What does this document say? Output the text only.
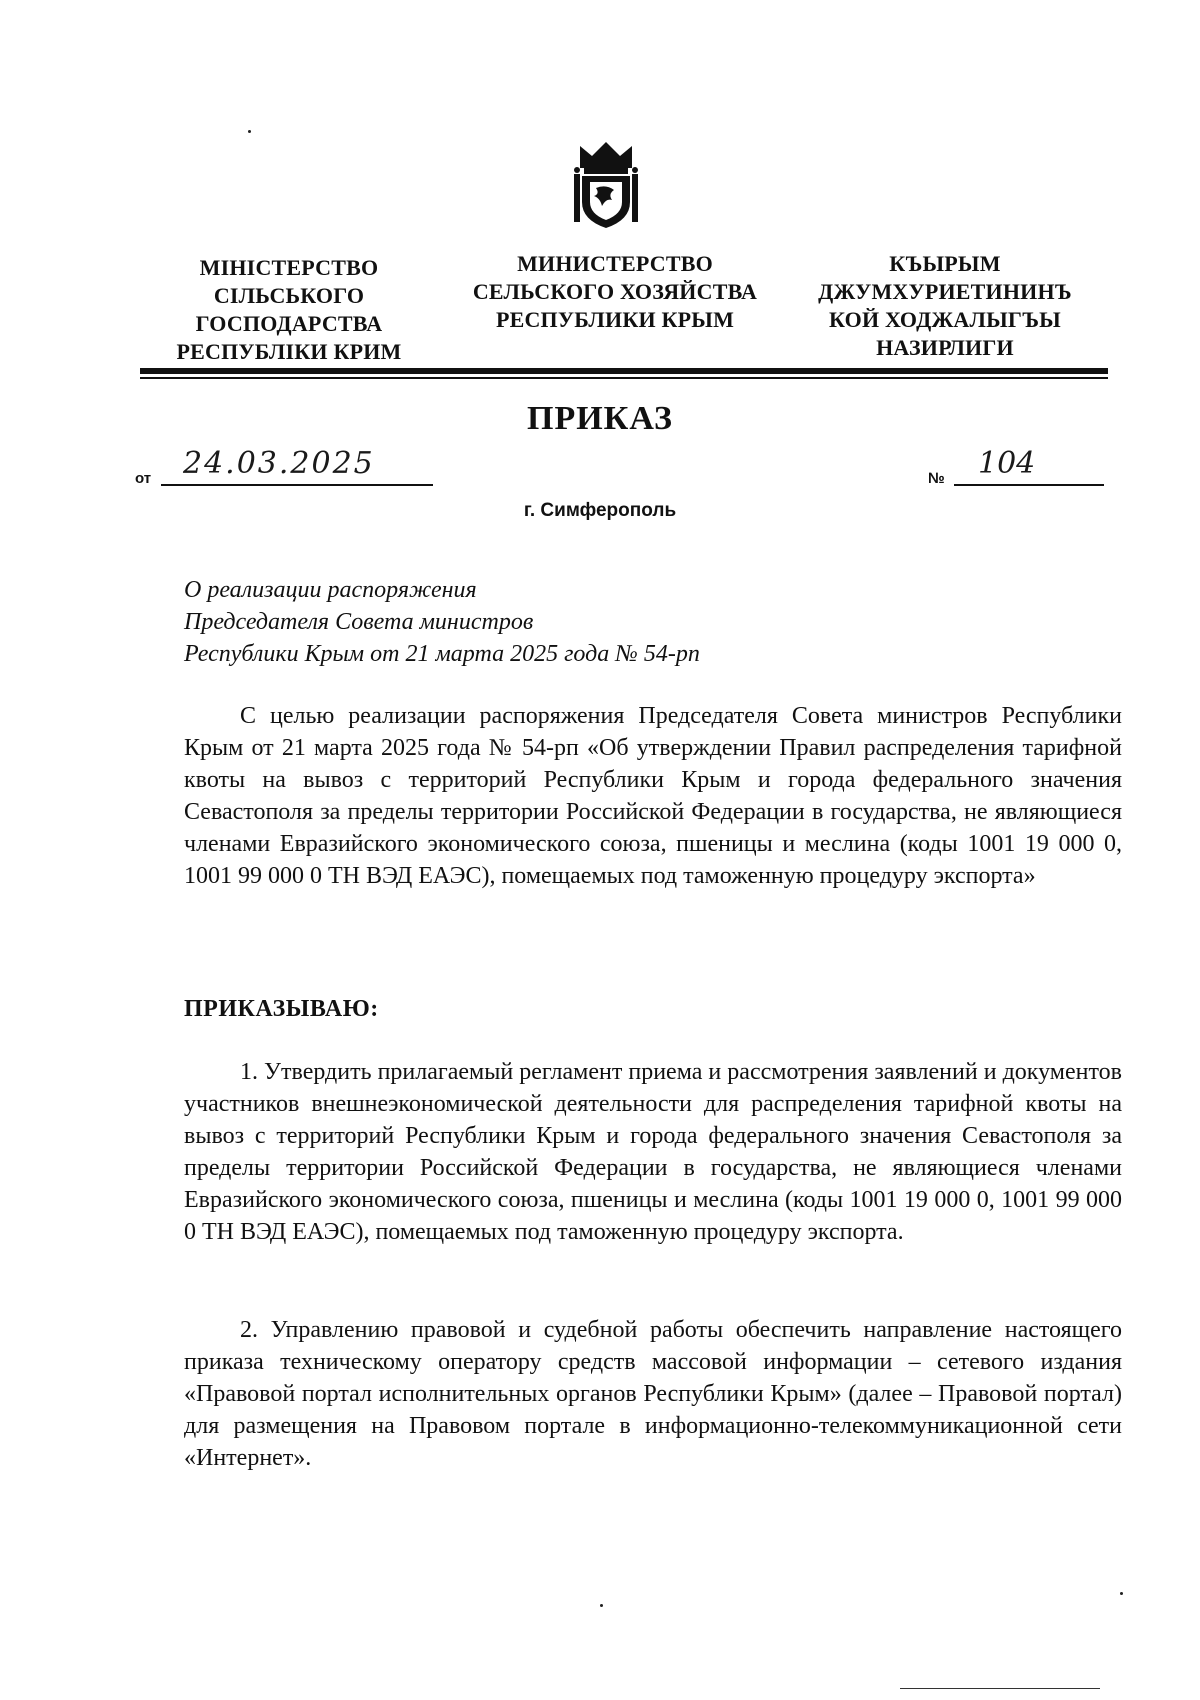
МІНІСТЕРСТВО
СІЛЬСЬКОГО
ГОСПОДАРСТВА
РЕСПУБЛІКИ КРИМ
МИНИСТЕРСТВО
СЕЛЬСКОГО ХОЗЯЙСТВА
РЕСПУБЛИКИ КРЫМ
КЪЫРЫМ
ДЖУМХУРИЕТИНИНЪ
КОЙ ХОДЖАЛЫГЪЫ
НАЗИРЛИГИ
ПРИКАЗ
от 24.03.2025	№ 104
г. Симферополь
О реализации распоряжения
Председателя Совета министров
Республики Крым от 21 марта 2025 года № 54-рп
С целью реализации распоряжения Председателя Совета министров Республики Крым от 21 марта 2025 года № 54-рп «Об утверждении Правил распределения тарифной квоты на вывоз с территорий Республики Крым и города федерального значения Севастополя за пределы территории Российской Федерации в государства, не являющиеся членами Евразийского экономического союза, пшеницы и меслина (коды 1001 19 000 0, 1001 99 000 0 ТН ВЭД ЕАЭС), помещаемых под таможенную процедуру экспорта»
ПРИКАЗЫВАЮ:
1. Утвердить прилагаемый регламент приема и рассмотрения заявлений и документов участников внешнеэкономической деятельности для распределения тарифной квоты на вывоз с территорий Республики Крым и города федерального значения Севастополя за пределы территории Российской Федерации в государства, не являющиеся членами Евразийского экономического союза, пшеницы и меслина (коды 1001 19 000 0, 1001 99 000 0 ТН ВЭД ЕАЭС), помещаемых под таможенную процедуру экспорта.
2. Управлению правовой и судебной работы обеспечить направление настоящего приказа техническому оператору средств массовой информации – сетевого издания «Правовой портал исполнительных органов Республики Крым» (далее – Правовой портал) для размещения на Правовом портале в информационно-телекоммуникационной сети «Интернет».
